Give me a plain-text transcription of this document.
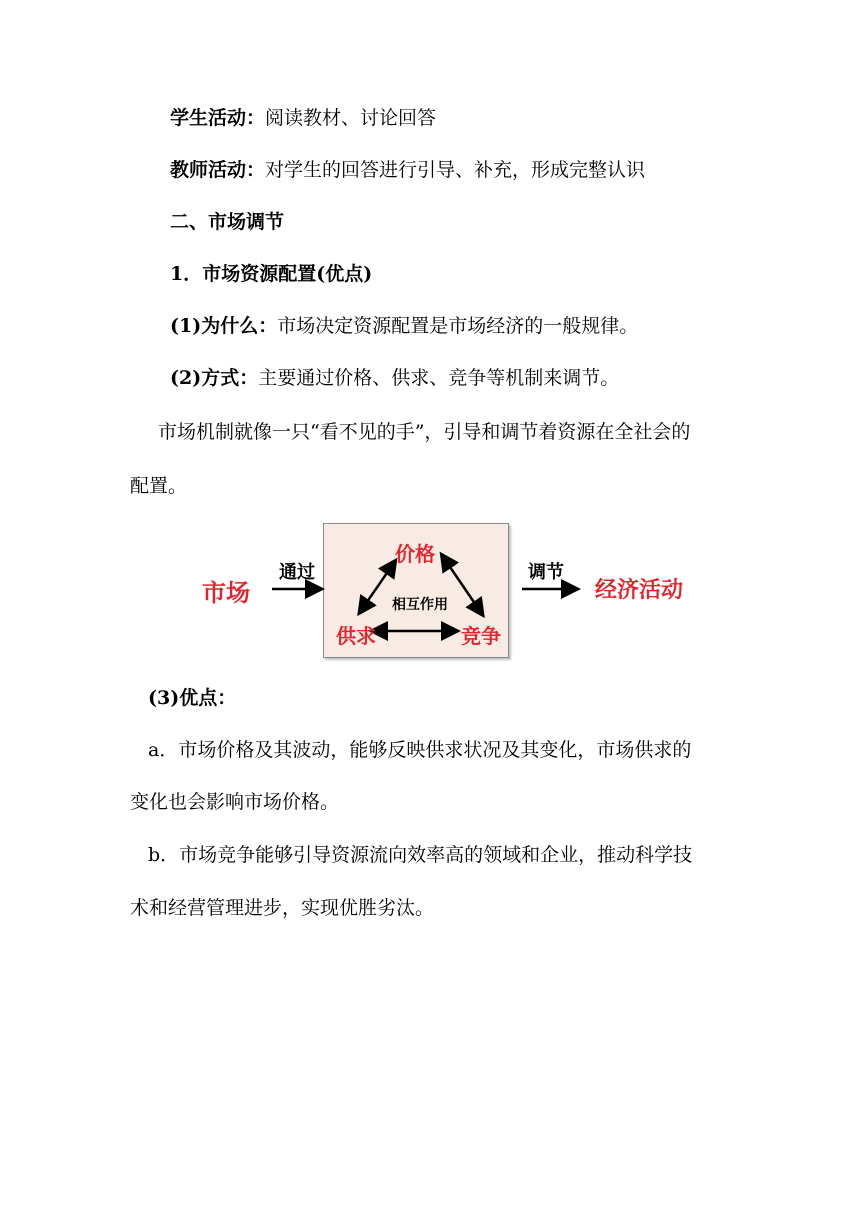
学生活动：阅读教材、讨论回答
教师活动：对学生的回答进行引导、补充，形成完整认识
二、市场调节
1．市场资源配置(优点)
(1)为什么：市场决定资源配置是市场经济的一般规律。
(2)方式：主要通过价格、供求、竞争等机制来调节。
市场机制就像一只“看不见的手”，引导和调节着资源在全社会的
配置。
市场
通过
价格
相互作用
供求	竞争
调节
经济活动
(3)优点：
a．市场价格及其波动，能够反映供求状况及其变化，市场供求的
变化也会影响市场价格。
b．市场竞争能够引导资源流向效率高的领域和企业，推动科学技
术和经营管理进步，实现优胜劣汰。
